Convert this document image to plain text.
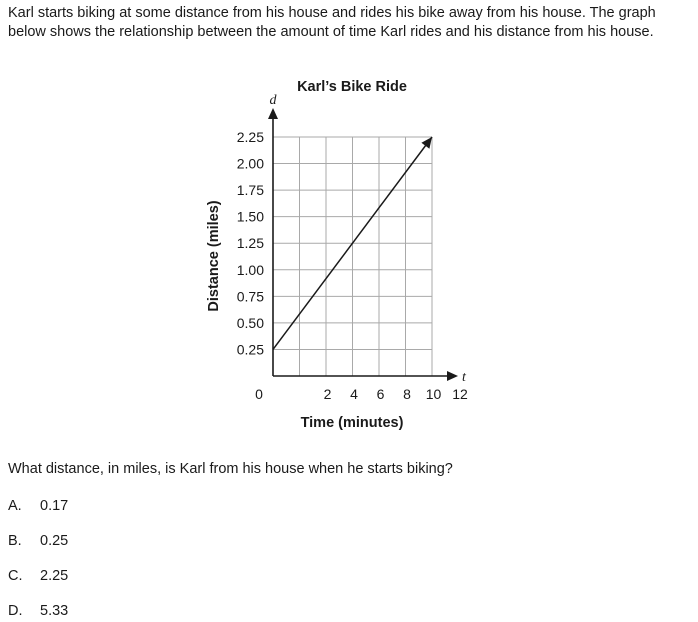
Karl starts biking at some distance from his house and rides his bike away from his house. The graph below shows the relationship between the amount of time Karl rides and his distance from his house.

0.25
0.50
0.75
1.00
1.25
1.50
1.75
2.00
2.25
2 4 6 8 10 12
0
Karl’s Bike Ride
Time (minutes)
Distance (miles)
d
t

What distance, in miles, is Karl from his house when he starts biking?

A.	0.17
B.	0.25
C.	2.25
D.	5.33
